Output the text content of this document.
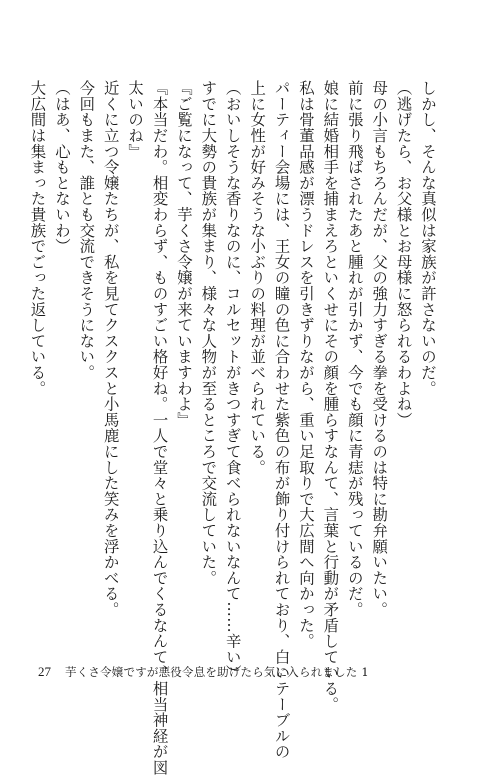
しかし、そんな真似は家族が許さないのだ。

（逃げたら、お父様とお母様に怒られるわよね）

母の小言もちろんだが、父の強力すぎる拳を受けるのは特に勘弁願いたい。

前に張り飛ばされたあと腫れが引かず、今でも顔に青痣が残っているのだ。

娘に結婚相手を捕まえろといくせにその顔を腫らすなんて、言葉と行動が矛盾している。

私は骨董品感が漂うドレスを引きずりながら、重い足取りで大広間へ向かった。

パーティー会場には、王女の瞳の色に合わせた紫色の布が飾り付けられており、白いテーブルの

上に女性が好みそうな小ぶりの料理が並べられている。

（おいしそうな香りなのに、コルセットがきつすぎて食べられないなんて……辛い）

すでに大勢の貴族が集まり、様々な人物が至るところで交流していた。

『ご覧になって、芋くさ令嬢が来ていますわよ』

『本当だわ。相変わらず、ものすごい格好ね。一人で堂々と乗り込んでくるなんて、相当神経が図

太いのね』

近くに立つ令嬢たちが、私を見てクスクスと小馬鹿にした笑みを浮かべる。

今回もまた、誰とも交流できそうにない。

（はあ、心もとないわ）

大広間は集まった貴族でごった返している。

27 芋くさ令嬢ですが悪役令息を助けたら気に入られました 1
